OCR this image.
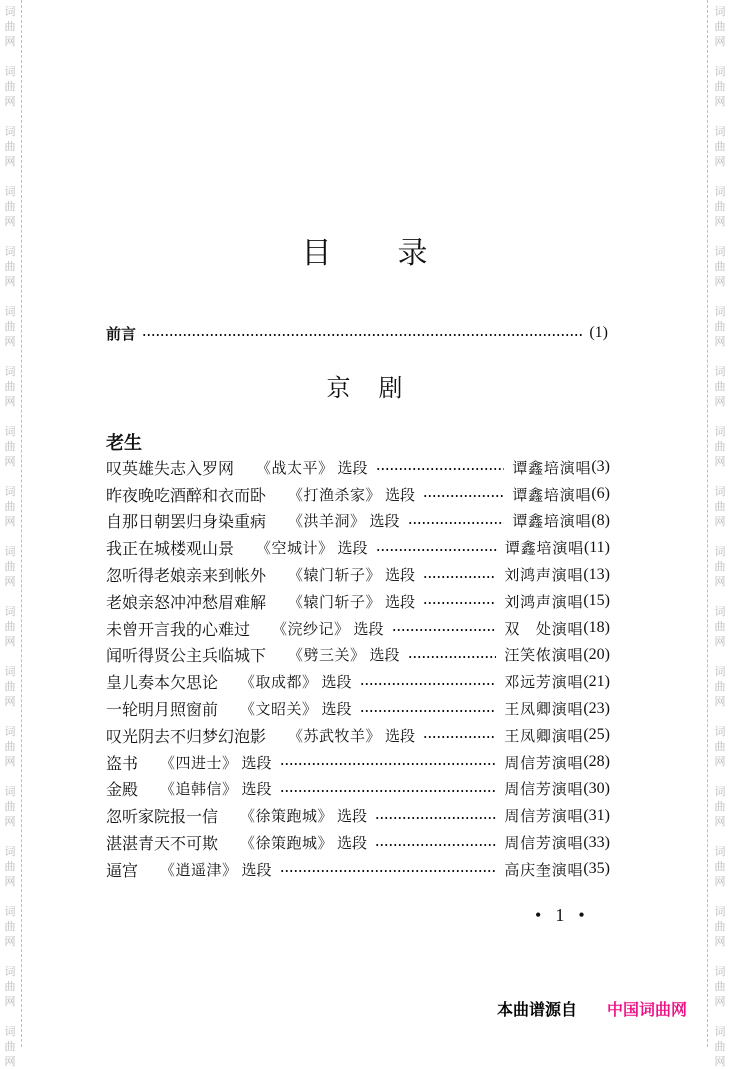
词
曲
网
词
曲
网
词
曲
网
词
曲
网
词
曲
网
词
曲
网
词
曲
网
词
曲
网
词
曲
网
词
曲
网
词
曲
网
词
曲
网
词
曲
网
词
曲
网
词
曲
网
词
曲
网
词
曲
网
词
曲
网
词
曲
网
词
曲
网
词
曲
网
词
曲
网
词
曲
网
词
曲
网
词
曲
网
词
曲
网
词
曲
网
词
曲
网
词
曲
网
词
曲
网
词
曲
网
词
曲
网
词
曲
网
词
曲
网
词
曲
网
词
曲
网
目 录
前言	(1)
京 剧
老生
叹英雄失志入罗网 《战太平》 选段	谭鑫培演唱 (3)
昨夜晚吃酒醉和衣而卧 《打渔杀家》 选段	谭鑫培演唱 (6)
自那日朝罢归身染重病 《洪羊洞》 选段	谭鑫培演唱 (8)
我正在城楼观山景 《空城计》 选段	谭鑫培演唱 (11)
忽听得老娘亲来到帐外 《辕门斩子》 选段	刘鸿声演唱 (13)
老娘亲怒冲冲愁眉难解 《辕门斩子》 选段	刘鸿声演唱 (15)
未曾开言我的心难过 《浣纱记》 选段	双　处演唱 (18)
闻听得贤公主兵临城下 《劈三关》 选段	汪笑侬演唱 (20)
皇儿奏本欠思论 《取成都》 选段	邓远芳演唱 (21)
一轮明月照窗前 《文昭关》 选段	王凤卿演唱 (23)
叹光阴去不归梦幻泡影 《苏武牧羊》 选段	王凤卿演唱 (25)
盗书 《四进士》 选段	周信芳演唱 (28)
金殿 《追韩信》 选段	周信芳演唱 (30)
忽听家院报一信 《徐策跑城》 选段	周信芳演唱 (31)
湛湛青天不可欺 《徐策跑城》 选段	周信芳演唱 (33)
逼宫 《逍遥津》 选段	高庆奎演唱 (35)
• 1 •
本曲谱源自 中国词曲网
